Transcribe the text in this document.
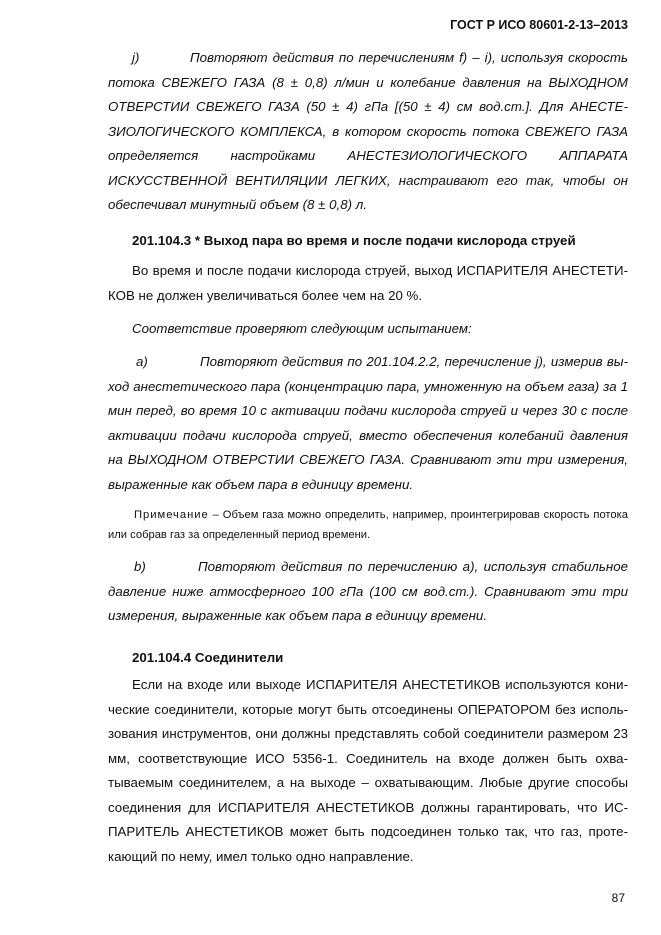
ГОСТ Р ИСО 80601-2-13–2013

j)	Повторяют действия по перечислениям f) – i), используя скорость потока СВЕЖЕГО ГАЗА (8 ± 0,8) л/мин и колебание давления на ВЫХОДНОМ ОТВЕРСТИИ СВЕЖЕГО ГАЗА (50 ± 4) гПа [(50 ± 4) см вод.ст.]. Для АНЕСТЕЗИОЛОГИЧЕСКОГО КОМПЛЕКСА, в котором скорость потока СВЕЖЕГО ГАЗА определяется настройками АНЕСТЕЗИОЛОГИЧЕСКОГО АППАРАТА ИСКУССТВЕННОЙ ВЕНТИЛЯЦИИ ЛЕГКИХ, настраивают его так, чтобы он обеспечивал минутный объем (8 ± 0,8) л.

201.104.3 * Выход пара во время и после подачи кислорода струей

Во время и после подачи кислорода струей, выход ИСПАРИТЕЛЯ АНЕСТЕТИКОВ не должен увеличиваться более чем на 20 %.

Соответствие проверяют следующим испытанием:

a)	Повторяют действия по 201.104.2.2, перечисление j), измерив выход анестетического пара (концентрацию пара, умноженную на объем газа) за 1 мин перед, во время 10 с активации подачи кислорода струей и через 30 с после активации подачи кислорода струей, вместо обеспечения колебаний давления на ВЫХОДНОМ ОТВЕРСТИИ СВЕЖЕГО ГАЗА. Сравнивают эти три измерения, выраженные как объем пара в единицу времени.

Примечание – Объем газа можно определить, например, проинтегрировав скорость потока или собрав газ за определенный период времени.

b)	Повторяют действия по перечислению a), используя стабильное давление ниже атмосферного 100 гПа (100 см вод.ст.). Сравнивают эти три измерения, выраженные как объем пара в единицу времени.

201.104.4 Соединители

Если на входе или выходе ИСПАРИТЕЛЯ АНЕСТЕТИКОВ используются конические соединители, которые могут быть отсоединены ОПЕРАТОРОМ без использования инструментов, они должны представлять собой соединители размером 23 мм, соответствующие ИСО 5356-1. Соединитель на входе должен быть охватываемым соединителем, а на выходе – охватывающим. Любые другие способы соединения для ИСПАРИТЕЛЯ АНЕСТЕТИКОВ должны гарантировать, что ИСПАРИТЕЛЬ АНЕСТЕТИКОВ может быть подсоединен только так, что газ, протекающий по нему, имел только одно направление.

87
